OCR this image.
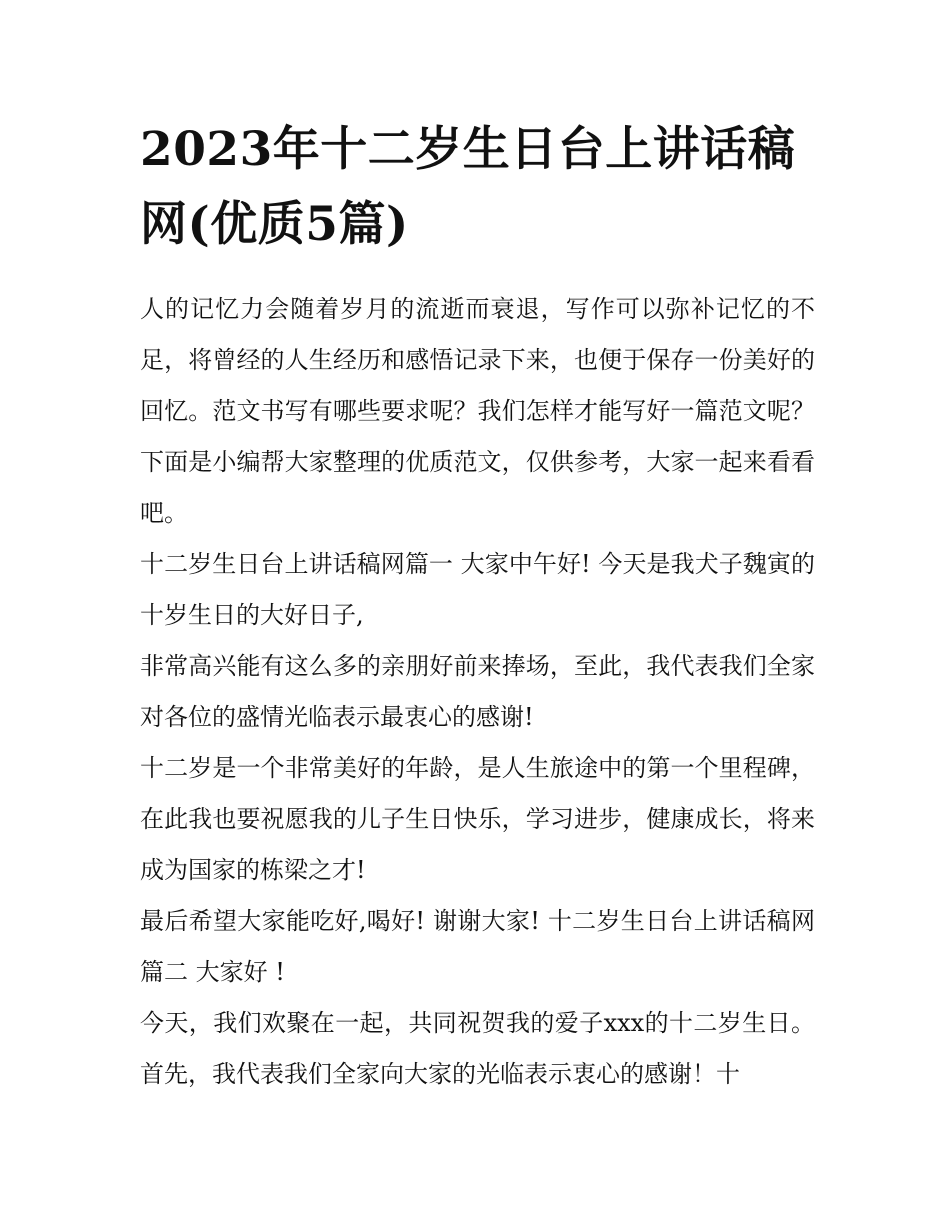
2023年十二岁生日台上讲话稿网(优质5篇)

人的记忆力会随着岁月的流逝而衰退，写作可以弥补记忆的不足，将曾经的人生经历和感悟记录下来，也便于保存一份美好的回忆。范文书写有哪些要求呢？我们怎样才能写好一篇范文呢？下面是小编帮大家整理的优质范文，仅供参考，大家一起来看看吧。

十二岁生日台上讲话稿网篇一 大家中午好! 今天是我犬子魏寅的十岁生日的大好日子,

非常高兴能有这么多的亲朋好前来捧场，至此，我代表我们全家对各位的盛情光临表示最衷心的感谢!

十二岁是一个非常美好的年龄，是人生旅途中的第一个里程碑，在此我也要祝愿我的儿子生日快乐，学习进步，健康成长，将来成为国家的栋梁之才!

最后希望大家能吃好,喝好! 谢谢大家! 十二岁生日台上讲话稿网篇二 大家好 !

今天，我们欢聚在一起，共同祝贺我的爱子xxx的十二岁生日。首先，我代表我们全家向大家的光临表示衷心的感谢！十
